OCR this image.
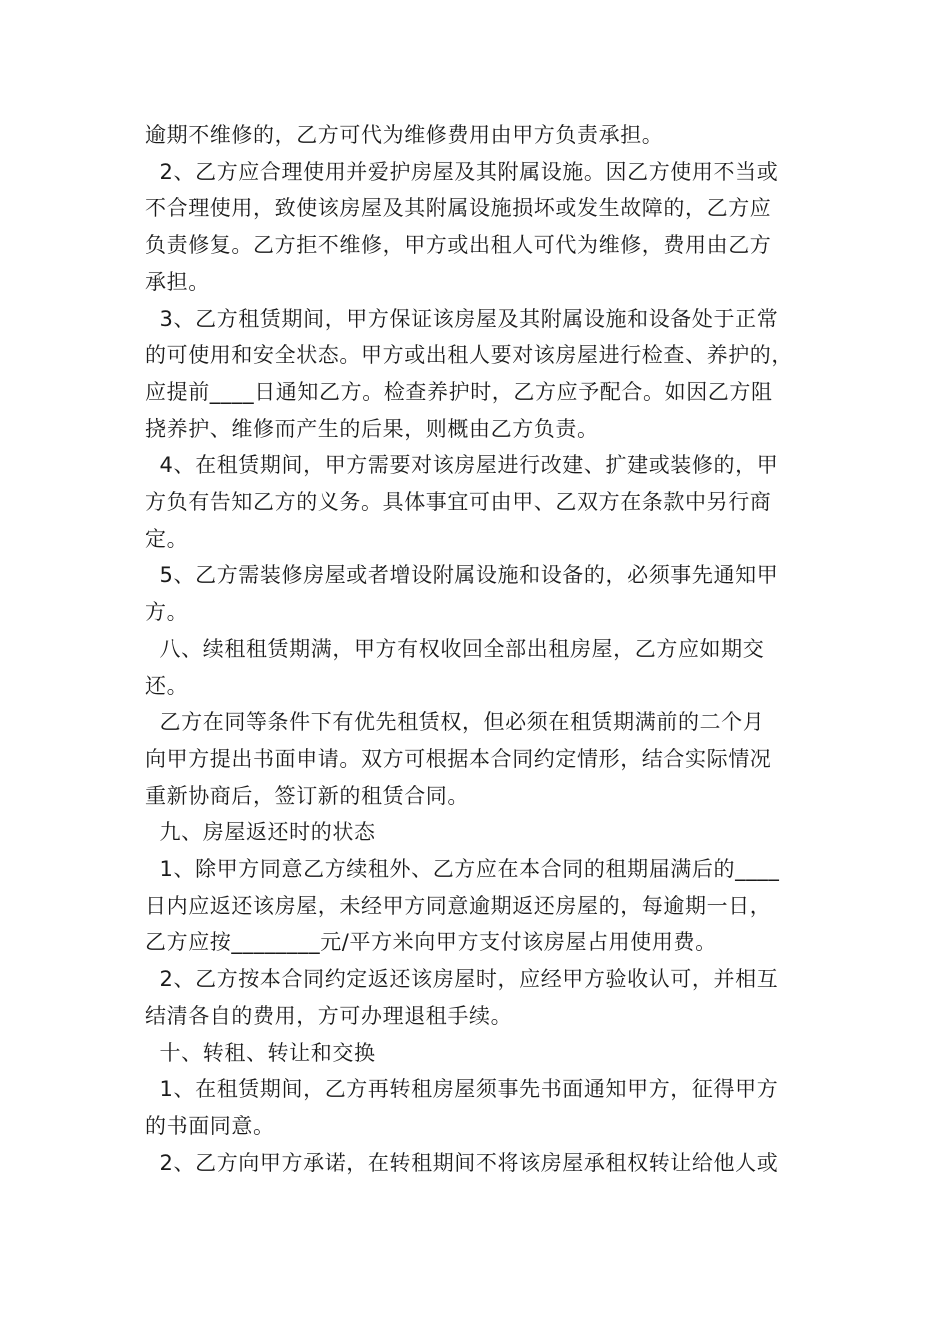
逾期不维修的，乙方可代为维修费用由甲方负责承担。
2、乙方应合理使用并爱护房屋及其附属设施。因乙方使用不当或
不合理使用，致使该房屋及其附属设施损坏或发生故障的，乙方应
负责修复。乙方拒不维修，甲方或出租人可代为维修，费用由乙方
承担。
3、乙方租赁期间，甲方保证该房屋及其附属设施和设备处于正常
的可使用和安全状态。甲方或出租人要对该房屋进行检查、养护的，
应提前____日通知乙方。检查养护时，乙方应予配合。如因乙方阻
挠养护、维修而产生的后果，则概由乙方负责。
4、在租赁期间，甲方需要对该房屋进行改建、扩建或装修的，甲
方负有告知乙方的义务。具体事宜可由甲、乙双方在条款中另行商
定。
5、乙方需装修房屋或者增设附属设施和设备的，必须事先通知甲
方。
八、续租租赁期满，甲方有权收回全部出租房屋，乙方应如期交
还。
乙方在同等条件下有优先租赁权，但必须在租赁期满前的二个月
向甲方提出书面申请。双方可根据本合同约定情形，结合实际情况
重新协商后，签订新的租赁合同。
九、房屋返还时的状态
1、除甲方同意乙方续租外、乙方应在本合同的租期届满后的____
日内应返还该房屋，未经甲方同意逾期返还房屋的，每逾期一日，
乙方应按________元/平方米向甲方支付该房屋占用使用费。
2、乙方按本合同约定返还该房屋时，应经甲方验收认可，并相互
结清各自的费用，方可办理退租手续。
十、转租、转让和交换
1、在租赁期间，乙方再转租房屋须事先书面通知甲方，征得甲方
的书面同意。
2、乙方向甲方承诺，在转租期间不将该房屋承租权转让给他人或
